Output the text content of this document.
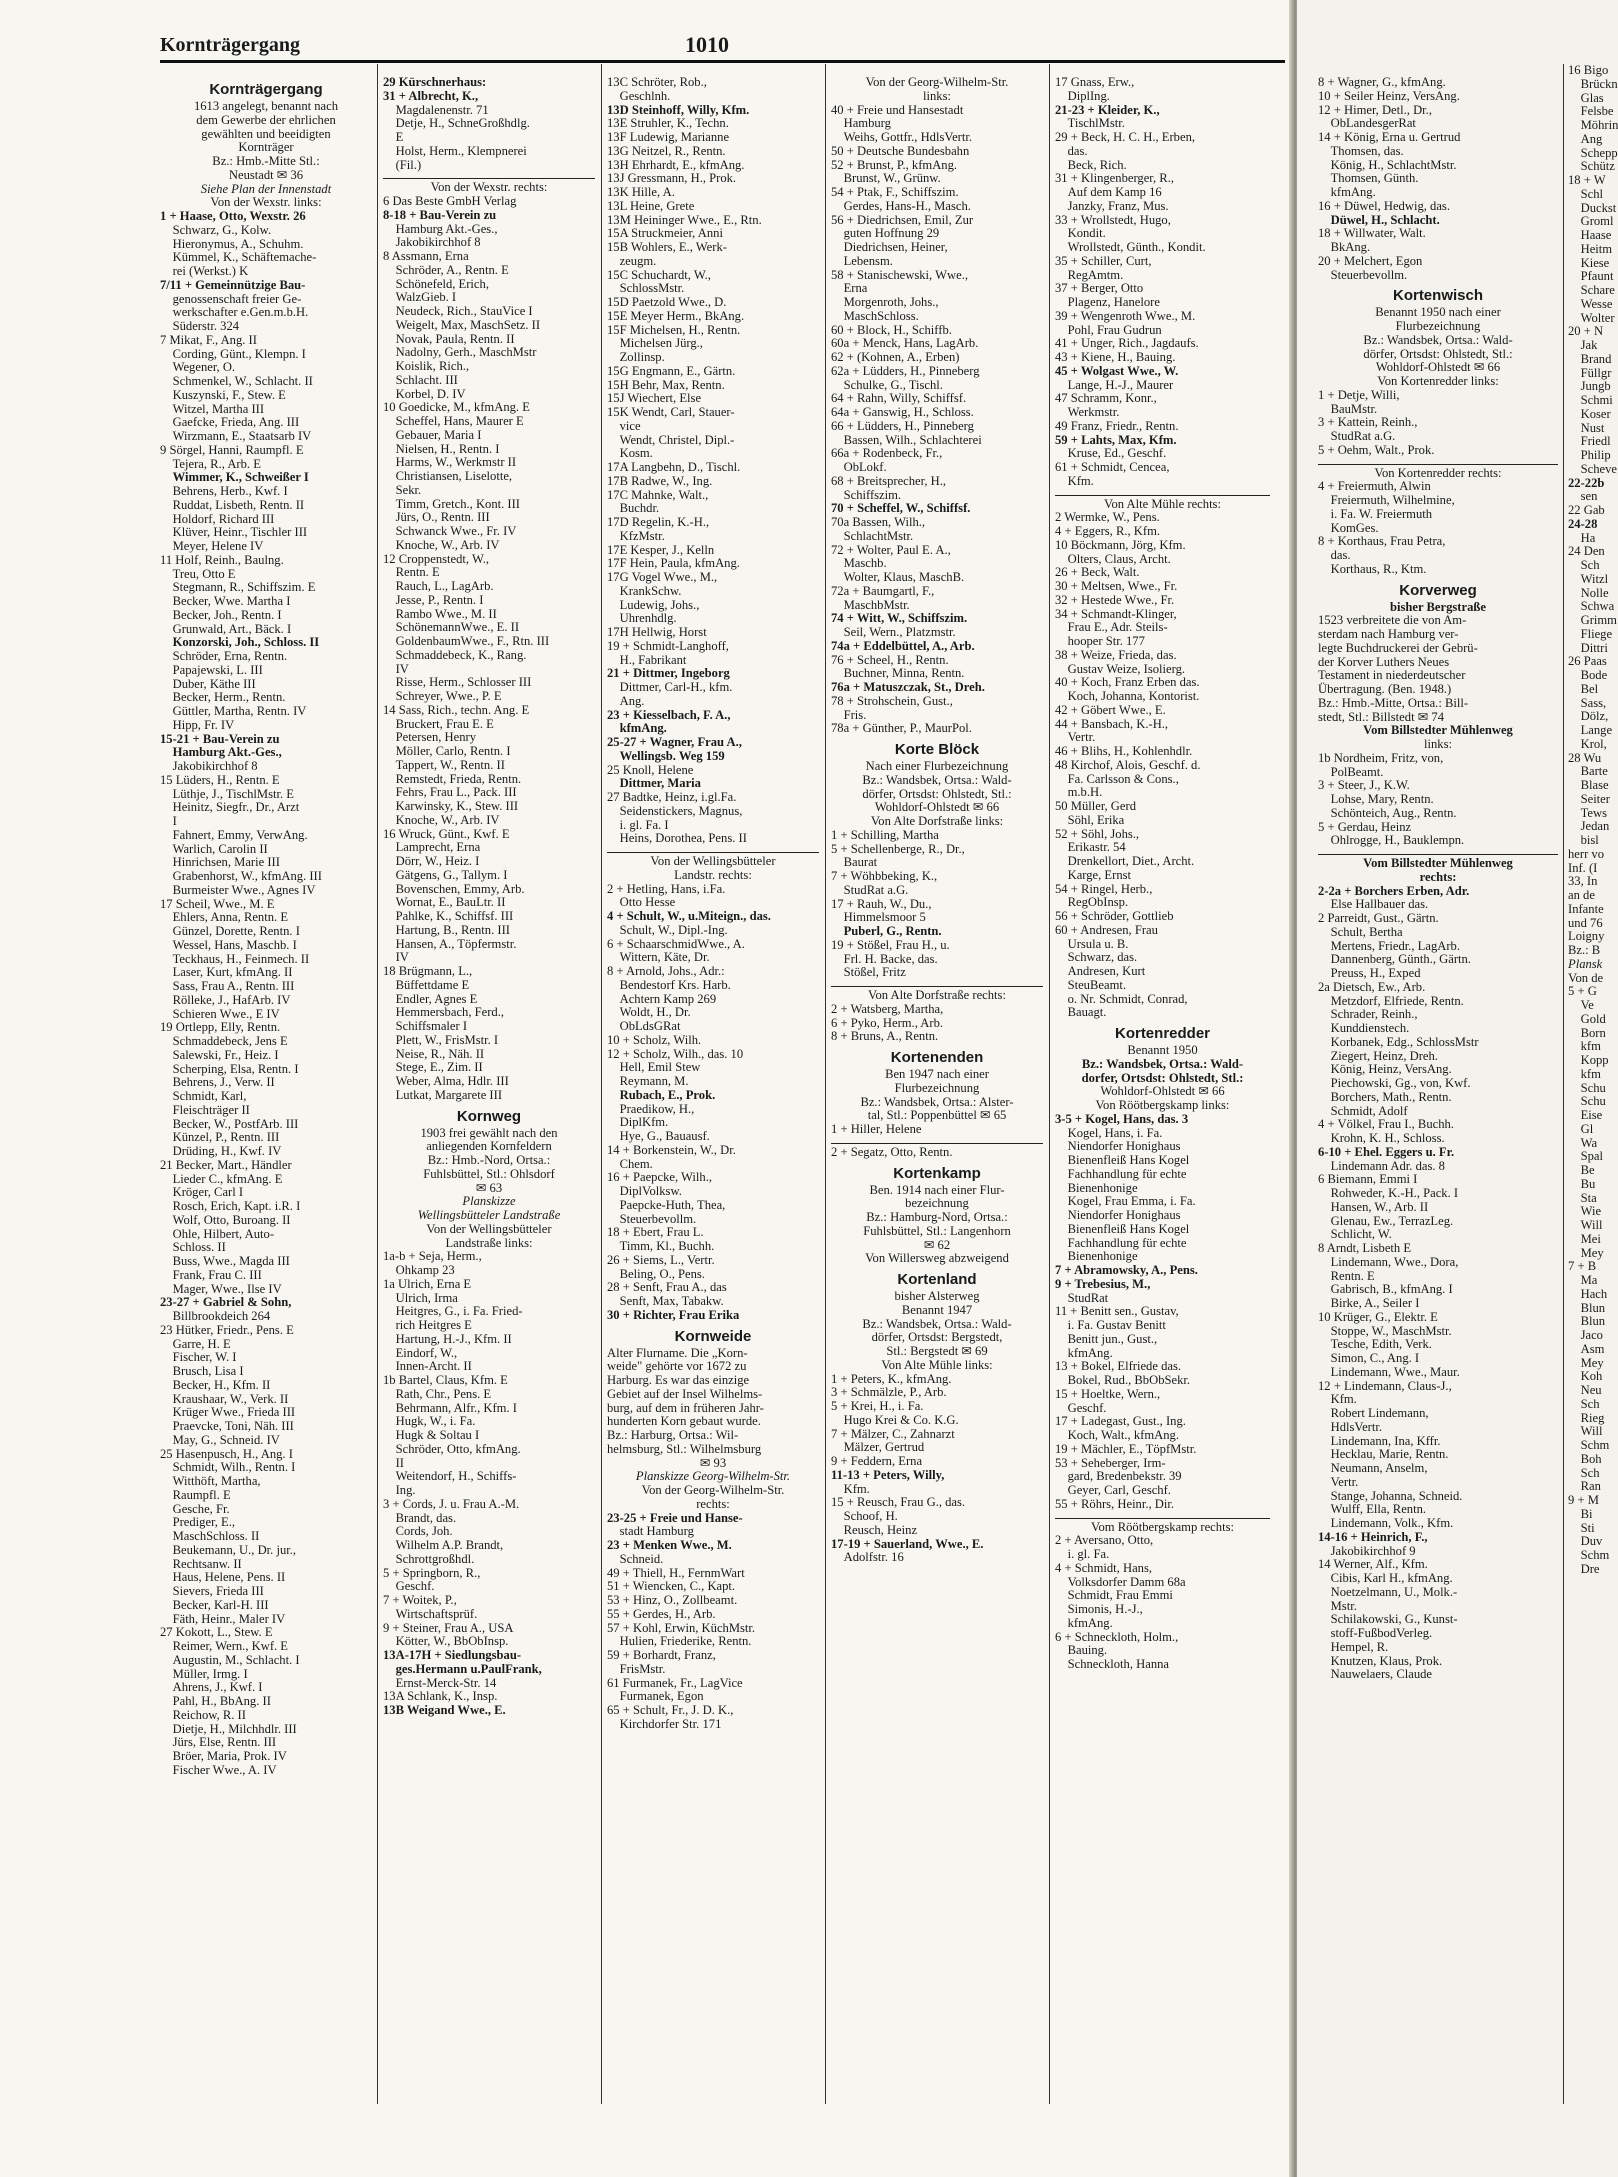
Kornträgergang	1010
Kornträgergang
1613 angelegt, benannt nach
dem Gewerbe der ehrlichen
gewählten und beeidigten
Kornträger
Bz.: Hmb.-Mitte Stl.:
Neustadt ✉ 36
Siehe Plan der Innenstadt
Von der Wexstr. links:
1 + Haase, Otto, Wexstr. 26
 Schwarz, G., Kolw.
 Hieronymus, A., Schuhm.
 Kümmel, K., Schäftemache-
 rei (Werkst.) K
7/11 + Gemeinnützige Bau-
 genossenschaft freier Ge-
 werkschafter e.Gen.m.b.H.
 Süderstr. 324
7 Mikat, F., Ang. II
 Cording, Günt., Klempn. I
 Wegener, O.
 Schmenkel, W., Schlacht. II
 Kuszynski, F., Stew. E
 Witzel, Martha III
 Gaefcke, Frieda, Ang. III
 Wirzmann, E., Staatsarb IV
9 Sörgel, Hanni, Raumpfl. E
 Tejera, R., Arb. E
 Wimmer, K., Schweißer I
 Behrens, Herb., Kwf. I
 Ruddat, Lisbeth, Rentn. II
 Holdorf, Richard III
 Klüver, Heinr., Tischler III
 Meyer, Helene IV
11 Holf, Reinh., Baulng.
 Treu, Otto E
 Stegmann, R., Schiffszim. E
 Becker, Wwe. Martha I
 Becker, Joh., Rentn. I
 Grunwald, Art., Bäck. I
 Konzorski, Joh., Schloss. II
 Schröder, Erna, Rentn.
 Papajewski, L. III
 Duber, Käthe III
 Becker, Herm., Rentn.
 Güttler, Martha, Rentn. IV
 Hipp, Fr. IV
15-21 + Bau-Verein zu
 Hamburg Akt.-Ges.,
 Jakobikirchhof 8
15 Lüders, H., Rentn. E
 Lüthje, J., TischlMstr. E
 Heinitz, Siegfr., Dr., Arzt
 I
 Fahnert, Emmy, VerwAng.
 Warlich, Carolin II
 Hinrichsen, Marie III
 Grabenhorst, W., kfmAng. III
 Burmeister Wwe., Agnes IV
17 Scheil, Wwe., M. E
 Ehlers, Anna, Rentn. E
 Günzel, Dorette, Rentn. I
 Wessel, Hans, Maschb. I
 Teckhaus, H., Feinmech. II
 Laser, Kurt, kfmAng. II
 Sass, Frau A., Rentn. III
 Rölleke, J., HafArb. IV
 Schieren Wwe., E IV
19 Ortlepp, Elly, Rentn.
 Schmaddebeck, Jens E
 Salewski, Fr., Heiz. I
 Scherping, Elsa, Rentn. I
 Behrens, J., Verw. II
 Schmidt, Karl,
 Fleischträger II
 Becker, W., PostfArb. III
 Künzel, P., Rentn. III
 Drüding, H., Kwf. IV
21 Becker, Mart., Händler
 Lieder C., kfmAng. E
 Kröger, Carl I
 Rosch, Erich, Kapt. i.R. I
 Wolf, Otto, Buroang. II
 Ohle, Hilbert, Auto-
 Schloss. II
 Buss, Wwe., Magda III
 Frank, Frau C. III
 Mager, Wwe., Ilse IV
23-27 + Gabriel & Sohn,
 Billbrookdeich 264
23 Hütker, Friedr., Pens. E
 Garre, H. E
 Fischer, W. I
 Brusch, Lisa I
 Becker, H., Kfm. II
 Kraushaar, W., Verk. II
 Krüger Wwe., Frieda III
 Praevcke, Toni, Näh. III
 May, G., Schneid. IV
25 Hasenpusch, H., Ang. I
 Schmidt, Wilh., Rentn. I
 Witthöft, Martha,
 Raumpfl. E
 Gesche, Fr.
 Prediger, E.,
 MaschSchloss. II
 Beukemann, U., Dr. jur.,
 Rechtsanw. II
 Haus, Helene, Pens. II
 Sievers, Frieda III
 Becker, Karl-H. III
 Fäth, Heinr., Maler IV
27 Kokott, L., Stew. E
 Reimer, Wern., Kwf. E
 Augustin, M., Schlacht. I
 Müller, Irmg. I
 Ahrens, J., Kwf. I
 Pahl, H., BbAng. II
 Reichow, R. II
 Dietje, H., Milchhdlr. III
 Jürs, Else, Rentn. III
 Bröer, Maria, Prok. IV
 Fischer Wwe., A. IV
29 Kürschnerhaus:
31 + Albrecht, K.,
 Magdalenenstr. 71
 Detje, H., SchneGroßhdlg.
 E
 Holst, Herm., Klempnerei
 (Fil.)
Von der Wexstr. rechts:
6 Das Beste GmbH Verlag
8-18 + Bau-Verein zu
 Hamburg Akt.-Ges.,
 Jakobikirchhof 8
8 Assmann, Erna
 Schröder, A., Rentn. E
 Schönefeld, Erich,
 WalzGieb. I
 Neudeck, Rich., StauVice I
 Weigelt, Max, MaschSetz. II
 Novak, Paula, Rentn. II
 Nadolny, Gerh., MaschMstr
 Koislik, Rich.,
 Schlacht. III
 Korbel, D. IV
10 Goedicke, M., kfmAng. E
 Scheffel, Hans, Maurer E
 Gebauer, Maria I
 Nielsen, H., Rentn. I
 Harms, W., Werkmstr II
 Christiansen, Liselotte,
 Sekr.
 Timm, Gretch., Kont. III
 Jürs, O., Rentn. III
 Schwanck Wwe., Fr. IV
 Knoche, W., Arb. IV
12 Croppenstedt, W.,
 Rentn. E
 Rauch, L., LagArb.
 Jesse, P., Rentn. I
 Rambo Wwe., M. II
 SchönemannWwe., E. II
 GoldenbaumWwe., F., Rtn. III
 Schmaddebeck, K., Rang.
 IV
 Risse, Herm., Schlosser III
 Schreyer, Wwe., P. E
14 Sass, Rich., techn. Ang. E
 Bruckert, Frau E. E
 Petersen, Henry
 Möller, Carlo, Rentn. I
 Tappert, W., Rentn. II
 Remstedt, Frieda, Rentn.
 Fehrs, Frau L., Pack. III
 Karwinsky, K., Stew. III
 Knoche, W., Arb. IV
16 Wruck, Günt., Kwf. E
 Lamprecht, Erna
 Dörr, W., Heiz. I
 Gätgens, G., Tallym. I
 Bovenschen, Emmy, Arb.
 Wornat, E., BauLtr. II
 Pahlke, K., Schiffsf. III
 Hartung, B., Rentn. III
 Hansen, A., Töpfermstr.
 IV
18 Brügmann, L.,
 Büffettdame E
 Endler, Agnes E
 Hemmersbach, Ferd.,
 Schiffsmaler I
 Plett, W., FrisMstr. I
 Neise, R., Näh. II
 Stege, E., Zim. II
 Weber, Alma, Hdlr. III
 Lutkat, Margarete III
Kornweg
1903 frei gewählt nach den
anliegenden Kornfeldern
Bz.: Hmb.-Nord, Ortsa.:
Fuhlsbüttel, Stl.: Ohlsdorf
✉ 63
Planskizze
Wellingsbütteler Landstraße
Von der Wellingsbütteler
Landstraße links:
1a-b + Seja, Herm.,
 Ohkamp 23
1a Ulrich, Erna E
 Ulrich, Irma
 Heitgres, G., i. Fa. Fried-
 rich Heitgres E
 Hartung, H.-J., Kfm. II
 Eindorf, W.,
 Innen-Archt. II
1b Bartel, Claus, Kfm. E
 Rath, Chr., Pens. E
 Behrmann, Alfr., Kfm. I
 Hugk, W., i. Fa.
 Hugk & Soltau I
 Schröder, Otto, kfmAng.
 II
 Weitendorf, H., Schiffs-
 Ing.
3 + Cords, J. u. Frau A.-M.
 Brandt, das.
 Cords, Joh.
 Wilhelm A.P. Brandt,
 Schrottgroßhdl.
5 + Springborn, R.,
 Geschf.
7 + Woitek, P.,
 Wirtschaftsprüf.
9 + Steiner, Frau A., USA
 Kötter, W., BbObInsp.
13A-17H + Siedlungsbau-
 ges.Hermann u.PaulFrank,
 Ernst-Merck-Str. 14
13A Schlank, K., Insp.
13B Weigand Wwe., E.
13C Schröter, Rob.,
 Geschlnh.
13D Steinhoff, Willy, Kfm.
13E Struhler, K., Techn.
13F Ludewig, Marianne
13G Neitzel, R., Rentn.
13H Ehrhardt, E., kfmAng.
13J Gressmann, H., Prok.
13K Hille, A.
13L Heine, Grete
13M Heininger Wwe., E., Rtn.
15A Struckmeier, Anni
15B Wohlers, E., Werk-
 zeugm.
15C Schuchardt, W.,
 SchlossMstr.
15D Paetzold Wwe., D.
15E Meyer Herm., BkAng.
15F Michelsen, H., Rentn.
 Michelsen Jürg.,
 Zollinsp.
15G Engmann, E., Gärtn.
15H Behr, Max, Rentn.
15J Wiechert, Else
15K Wendt, Carl, Stauer-
 vice
 Wendt, Christel, Dipl.-
 Kosm.
17A Langbehn, D., Tischl.
17B Radwe, W., Ing.
17C Mahnke, Walt.,
 Buchdr.
17D Regelin, K.-H.,
 KfzMstr.
17E Kesper, J., Kelln
17F Hein, Paula, kfmAng.
17G Vogel Wwe., M.,
 KrankSchw.
 Ludewig, Johs.,
 Uhrenhdlg.
17H Hellwig, Horst
19 + Schmidt-Langhoff,
 H., Fabrikant
21 + Dittmer, Ingeborg
 Dittmer, Carl-H., kfm.
 Ang.
23 + Kiesselbach, F. A.,
 kfmAng.
25-27 + Wagner, Frau A.,
 Wellingsb. Weg 159
25 Knoll, Helene
 Dittmer, Maria
27 Badtke, Heinz, i.gl.Fa.
 Seidenstickers, Magnus,
 i. gl. Fa. I
 Heins, Dorothea, Pens. II
Von der Wellingsbütteler
Landstr. rechts:
2 + Hetling, Hans, i.Fa.
 Otto Hesse
4 + Schult, W., u.Miteign., das.
 Schult, W., Dipl.-Ing.
6 + SchaarschmidWwe., A.
 Wittern, Käte, Dr.
8 + Arnold, Johs., Adr.:
 Bendestorf Krs. Harb.
 Achtern Kamp 269
 Woldt, H., Dr.
 ObLdsGRat
10 + Scholz, Wilh.
12 + Scholz, Wilh., das. 10
 Hell, Emil Stew
 Reymann, M.
 Rubach, E., Prok.
 Praedikow, H.,
 DiplKfm.
 Hye, G., Bauausf.
14 + Borkenstein, W., Dr.
 Chem.
16 + Paepcke, Wilh.,
 DiplVolksw.
 Paepcke-Huth, Thea,
 Steuerbevollm.
18 + Ebert, Frau L.
 Timm, Kl., Buchh.
26 + Siems, L., Vertr.
 Beling, O., Pens.
28 + Senft, Frau A., das
 Senft, Max, Tabakw.
30 + Richter, Frau Erika
Kornweide
Alter Flurname. Die „Korn-
weide" gehörte vor 1672 zu
Harburg. Es war das einzige
Gebiet auf der Insel Wilhelms-
burg, auf dem in früheren Jahr-
hunderten Korn gebaut wurde.
Bz.: Harburg, Ortsa.: Wil-
helmsburg, Stl.: Wilhelmsburg
✉ 93
Planskizze Georg-Wilhelm-Str.
Von der Georg-Wilhelm-Str.
rechts:
23-25 + Freie und Hanse-
 stadt Hamburg
23 + Menken Wwe., M.
 Schneid.
49 + Thiell, H., FernmWart
51 + Wiencken, C., Kapt.
53 + Hinz, O., Zollbeamt.
55 + Gerdes, H., Arb.
57 + Kohl, Erwin, KüchMstr.
 Hulien, Friederike, Rentn.
59 + Borhardt, Franz,
 FrisMstr.
61 Furmanek, Fr., LagVice
 Furmanek, Egon
65 + Schult, Fr., J. D. K.,
 Kirchdorfer Str. 171
Von der Georg-Wilhelm-Str.
links:
40 + Freie und Hansestadt
 Hamburg
 Weihs, Gottfr., HdlsVertr.
50 + Deutsche Bundesbahn
52 + Brunst, P., kfmAng.
 Brunst, W., Grünw.
54 + Ptak, F., Schiffszim.
 Gerdes, Hans-H., Masch.
56 + Diedrichsen, Emil, Zur
 guten Hoffnung 29
 Diedrichsen, Heiner,
 Lebensm.
58 + Stanischewski, Wwe.,
 Erna
 Morgenroth, Johs.,
 MaschSchloss.
60 + Block, H., Schiffb.
60a + Menck, Hans, LagArb.
62 + (Kohnen, A., Erben)
62a + Lüdders, H., Pinneberg
 Schulke, G., Tischl.
64 + Rahn, Willy, Schiffsf.
64a + Ganswig, H., Schloss.
66 + Lüdders, H., Pinneberg
 Bassen, Wilh., Schlachterei
66a + Rodenbeck, Fr.,
 ObLokf.
68 + Breitsprecher, H.,
 Schiffszim.
70 + Scheffel, W., Schiffsf.
70a Bassen, Wilh.,
 SchlachtMstr.
72 + Wolter, Paul E. A.,
 Maschb.
 Wolter, Klaus, MaschB.
72a + Baumgartl, F.,
 MaschbMstr.
74 + Witt, W., Schiffszim.
 Seil, Wern., Platzmstr.
74a + Eddelbüttel, A., Arb.
76 + Scheel, H., Rentn.
 Buchner, Minna, Rentn.
76a + Matuszczak, St., Dreh.
78 + Strohschein, Gust.,
 Fris.
78a + Günther, P., MaurPol.
Korte Blöck
Nach einer Flurbezeichnung
Bz.: Wandsbek, Ortsa.: Wald-
dörfer, Ortsdst: Ohlstedt, Stl.:
Wohldorf-Ohlstedt ✉ 66
Von Alte Dorfstraße links:
1 + Schilling, Martha
5 + Schellenberge, R., Dr.,
 Baurat
7 + Wöhbbeking, K.,
 StudRat a.G.
17 + Rauh, W., Du.,
 Himmelsmoor 5
 Puberl, G., Rentn.
19 + Stößel, Frau H., u.
 Frl. H. Backe, das.
 Stößel, Fritz
Von Alte Dorfstraße rechts:
2 + Watsberg, Martha,
6 + Pyko, Herm., Arb.
8 + Bruns, A., Rentn.
Kortenenden
Ben 1947 nach einer
Flurbezeichnung
Bz.: Wandsbek, Ortsa.: Alster-
tal, Stl.: Poppenbüttel ✉ 65
1 + Hiller, Helene
2 + Segatz, Otto, Rentn.
Kortenkamp
Ben. 1914 nach einer Flur-
bezeichnung
Bz.: Hamburg-Nord, Ortsa.:
Fuhlsbüttel, Stl.: Langenhorn
✉ 62
Von Willersweg abzweigend
Kortenland
bisher Alsterweg
Benannt 1947
Bz.: Wandsbek, Ortsa.: Wald-
dörfer, Ortsdst: Bergstedt,
Stl.: Bergstedt ✉ 69
Von Alte Mühle links:
1 + Peters, K., kfmAng.
3 + Schmälzle, P., Arb.
5 + Krei, H., i. Fa.
 Hugo Krei & Co. K.G.
7 + Mälzer, C., Zahnarzt
 Mälzer, Gertrud
9 + Feddern, Erna
11-13 + Peters, Willy,
 Kfm.
15 + Reusch, Frau G., das.
 Schoof, H.
 Reusch, Heinz
17-19 + Sauerland, Wwe., E.
 Adolfstr. 16
17 Gnass, Erw.,
 DiplIng.
21-23 + Kleider, K.,
 TischlMstr.
29 + Beck, H. C. H., Erben,
 das.
 Beck, Rich.
31 + Klingenberger, R.,
 Auf dem Kamp 16
 Janzky, Franz, Mus.
33 + Wrollstedt, Hugo,
 Kondit.
 Wrollstedt, Günth., Kondit.
35 + Schiller, Curt,
 RegAmtm.
37 + Berger, Otto
 Plagenz, Hanelore
39 + Wengenroth Wwe., M.
 Pohl, Frau Gudrun
41 + Unger, Rich., Jagdaufs.
43 + Kiene, H., Bauing.
45 + Wolgast Wwe., W.
 Lange, H.-J., Maurer
47 Schramm, Konr.,
 Werkmstr.
49 Franz, Friedr., Rentn.
59 + Lahts, Max, Kfm.
 Kruse, Ed., Geschf.
61 + Schmidt, Cencea,
 Kfm.
Von Alte Mühle rechts:
2 Wermke, W., Pens.
4 + Eggers, R., Kfm.
10 Böckmann, Jörg, Kfm.
 Olters, Claus, Archt.
26 + Beck, Walt.
30 + Meltsen, Wwe., Fr.
32 + Hestede Wwe., Fr.
34 + Schmandt-Klinger,
 Frau E., Adr. Steils-
 hooper Str. 177
38 + Weize, Frieda, das.
 Gustav Weize, Isolierg.
40 + Koch, Franz Erben das.
 Koch, Johanna, Kontorist.
42 + Göbert Wwe., E.
44 + Bansbach, K.-H.,
 Vertr.
46 + Blihs, H., Kohlenhdlr.
48 Kirchof, Alois, Geschf. d.
 Fa. Carlsson & Cons.,
 m.b.H.
50 Müller, Gerd
 Söhl, Erika
52 + Söhl, Johs.,
 Erikastr. 54
 Drenkellort, Diet., Archt.
 Karge, Ernst
54 + Ringel, Herb.,
 RegObInsp.
56 + Schröder, Gottlieb
60 + Andresen, Frau
 Ursula u. B.
 Schwarz, das.
 Andresen, Kurt
 SteuBeamt.
 o. Nr. Schmidt, Conrad,
 Bauagt.
Kortenredder
Benannt 1950
Bz.: Wandsbek, Ortsa.: Wald-
dorfer, Ortsdst: Ohlstedt, Stl.:
Wohldorf-Ohlstedt ✉ 66
Von Röötbergskamp links:
3-5 + Kogel, Hans, das. 3
 Kogel, Hans, i. Fa.
 Niendorfer Honighaus
 Bienenfleiß Hans Kogel
 Fachhandlung für echte
 Bienenhonige
 Kogel, Frau Emma, i. Fa.
 Niendorfer Honighaus
 Bienenfleiß Hans Kogel
 Fachhandlung für echte
 Bienenhonige
7 + Abramowsky, A., Pens.
9 + Trebesius, M.,
 StudRat
11 + Benitt sen., Gustav,
 i. Fa. Gustav Benitt
 Benitt jun., Gust.,
 kfmAng.
13 + Bokel, Elfriede das.
 Bokel, Rud., BbObSekr.
15 + Hoeltke, Wern.,
 Geschf.
17 + Ladegast, Gust., Ing.
 Koch, Walt., kfmAng.
19 + Mächler, E., TöpfMstr.
53 + Seheberger, Irm-
 gard, Bredenbekstr. 39
 Geyer, Carl, Geschf.
55 + Röhrs, Heinr., Dir.
Vom Röötbergskamp rechts:
2 + Aversano, Otto,
 i. gl. Fa.
4 + Schmidt, Hans,
 Volksdorfer Damm 68a
 Schmidt, Frau Emmi
 Simonis, H.-J.,
 kfmAng.
6 + Schneckloth, Holm.,
 Bauing.
 Schneckloth, Hanna
8 + Wagner, G., kfmAng.
10 + Seiler Heinz, VersAng.
12 + Himer, Detl., Dr.,
 ObLandesgerRat
14 + König, Erna u. Gertrud
 Thomsen, das.
 König, H., SchlachtMstr.
 Thomsen, Günth.
 kfmAng.
16 + Düwel, Hedwig, das.
 Düwel, H., Schlacht.
18 + Willwater, Walt.
 BkAng.
20 + Melchert, Egon
 Steuerbevollm.
Kortenwisch
Benannt 1950 nach einer
Flurbezeichnung
Bz.: Wandsbek, Ortsa.: Wald-
dörfer, Ortsdst: Ohlstedt, Stl.:
Wohldorf-Ohlstedt ✉ 66
Von Kortenredder links:
1 + Detje, Willi,
 BauMstr.
3 + Kattein, Reinh.,
 StudRat a.G.
5 + Oehm, Walt., Prok.
Von Kortenredder rechts:
4 + Freiermuth, Alwin
 Freiermuth, Wilhelmine,
 i. Fa. W. Freiermuth
 KomGes.
8 + Korthaus, Frau Petra,
 das.
 Korthaus, R., Ktm.
Korverweg
bisher Bergstraße
1523 verbreitete die von Am-
sterdam nach Hamburg ver-
legte Buchdruckerei der Gebrü-
der Korver Luthers Neues
Testament in niederdeutscher
Übertragung. (Ben. 1948.)
Bz.: Hmb.-Mitte, Ortsa.: Bill-
stedt, Stl.: Billstedt ✉ 74
Vom Billstedter Mühlenweg
links:
1b Nordheim, Fritz, von,
 PolBeamt.
3 + Steer, J., K.W.
 Lohse, Mary, Rentn.
 Schönteich, Aug., Rentn.
5 + Gerdau, Heinz
 Ohlrogge, H., Bauklempn.
Vom Billstedter Mühlenweg
rechts:
2-2a + Borchers Erben, Adr.
 Else Hallbauer das.
2 Parreidt, Gust., Gärtn.
 Schult, Bertha
 Mertens, Friedr., LagArb.
 Dannenberg, Günth., Gärtn.
 Preuss, H., Exped
2a Dietsch, Ew., Arb.
 Metzdorf, Elfriede, Rentn.
 Schrader, Reinh.,
 Kunddienstech.
 Korbanek, Edg., SchlossMstr
 Ziegert, Heinz, Dreh.
 König, Heinz, VersAng.
 Piechowski, Gg., von, Kwf.
 Borchers, Math., Rentn.
 Schmidt, Adolf
4 + Völkel, Frau I., Buchh.
 Krohn, K. H., Schloss.
6-10 + Ehel. Eggers u. Fr.
 Lindemann Adr. das. 8
6 Biemann, Emmi I
 Rohweder, K.-H., Pack. I
 Hansen, W., Arb. II
 Glenau, Ew., TerrazLeg.
 Schlicht, W.
8 Arndt, Lisbeth E
 Lindemann, Wwe., Dora,
 Rentn. E
 Gabrisch, B., kfmAng. I
 Birke, A., Seiler I
10 Krüger, G., Elektr. E
 Stoppe, W., MaschMstr.
 Tesche, Edith, Verk.
 Simon, C., Ang. I
 Lindemann, Wwe., Maur.
12 + Lindemann, Claus-J.,
 Kfm.
 Robert Lindemann,
 HdlsVertr.
 Lindemann, Ina, Kffr.
 Hecklau, Marie, Rentn.
 Neumann, Anselm,
 Vertr.
 Stange, Johanna, Schneid.
 Wulff, Ella, Rentn.
 Lindemann, Volk., Kfm.
14-16 + Heinrich, F.,
 Jakobikirchhof 9
14 Werner, Alf., Kfm.
 Cibis, Karl H., kfmAng.
 Noetzelmann, U., Molk.-
 Mstr.
 Schilakowski, G., Kunst-
 stoff-FußbodVerleg.
 Hempel, R.
 Knutzen, Klaus, Prok.
 Nauwelaers, Claude
16 Bigo
 Brückn
 Glas
 Felsbe
 Möhrin
 Ang
 Schepp
 Schütz
18 + W
 Schl
 Duckst
 Groml
 Haase
 Heitm
 Kiese
 Pfaunt
 Schare
 Wesse
 Wolter
20 + N
 Jak
 Brand
 Füllgr
 Jungb
 Schmi
 Koser
 Nust
 Friedl
 Philip
 Scheve
22-22b
 sen
22 Gab
24-28
 Ha
24 Den
 Sch
 Witzl
 Nolle
 Schwa
 Grimm
 Fliege
 Dittri
26 Paas
 Bode
 Bel
 Sass,
 Dölz,
 Lange
 Krol,
28 Wu
 Barte
 Blase
 Seiter
 Tews
 Jedan
 bisl
herr vo
Inf. (I
33, In
an de
Infante
und 76
Loigny
Bz.: B
Plansk
Von de
5 + G
 Ve
 Gold
 Born
 kfm
 Kopp
 kfm
 Schu
 Schu
 Eise
 Gl
 Wa
 Spal
 Be
 Bu
 Sta
 Wie
 Will
 Mei
 Mey
7 + B
 Ma
 Hach
 Blun
 Blun
 Jaco
 Asm
 Mey
 Koh
 Neu
 Sch
 Rieg
 Will
 Schm
 Boh
 Sch
 Ran
9 + M
 Bi
 Sti
 Duv
 Schm
 Dre
